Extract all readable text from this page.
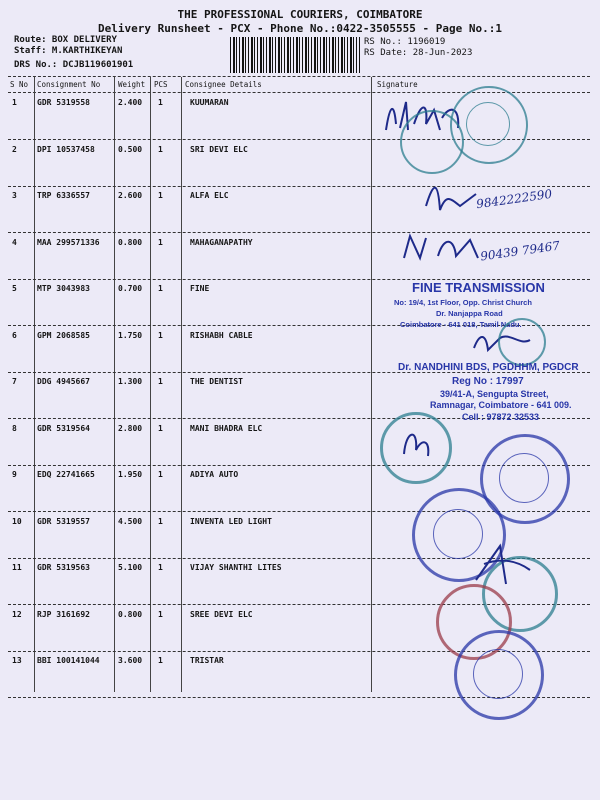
THE PROFESSIONAL COURIERS, COIMBATORE
Delivery Runsheet - PCX - Phone No.:0422-3505555 - Page No.:1
Route: BOX DELIVERY
Staff: M.KARTHIKEYAN
DRS No.: DCJB119601901
RS No.: 1196019
RS Date: 28-Jun-2023
S No Consignment No Weight PCS Consignee Details	Signature
1	GDR 5319558	2.400 1	KUUMARAN
2	DPI 10537458	0.500 1	SRI DEVI ELC
3	TRP 6336557	2.600 1	ALFA ELC
4	MAA 299571336 0.800 1	MAHAGANAPATHY
5	MTP 3043983	0.700 1	FINE
6	GPM 2068585	1.750 1	RISHABH CABLE
7	DDG 4945667	1.300 1	THE DENTIST
8	GDR 5319564	2.800 1	MANI BHADRA ELC
9	EDQ 22741665	1.950 1	ADIYA AUTO
10 GDR 5319557	4.500 1	INVENTA LED LIGHT
11 GDR 5319563	5.100 1	VIJAY SHANTHI LITES
12 RJP 3161692	0.800 1	SREE DEVI ELC
13 BBI 100141044 3.600 1	TRISTAR
9842222590
90439 79467
FINE TRANSMISSION
No: 19/4, 1st Floor, Opp. Christ Church
Dr. Nanjappa Road
Coimbatore - 641 018, Tamil Nadu.
Dr. NANDHINI BDS, PGDHHM, PGDCR
Reg No : 17997
39/41-A, Sengupta Street,
Ramnagar, Coimbatore - 641 009.
Cell : 97872 32533
